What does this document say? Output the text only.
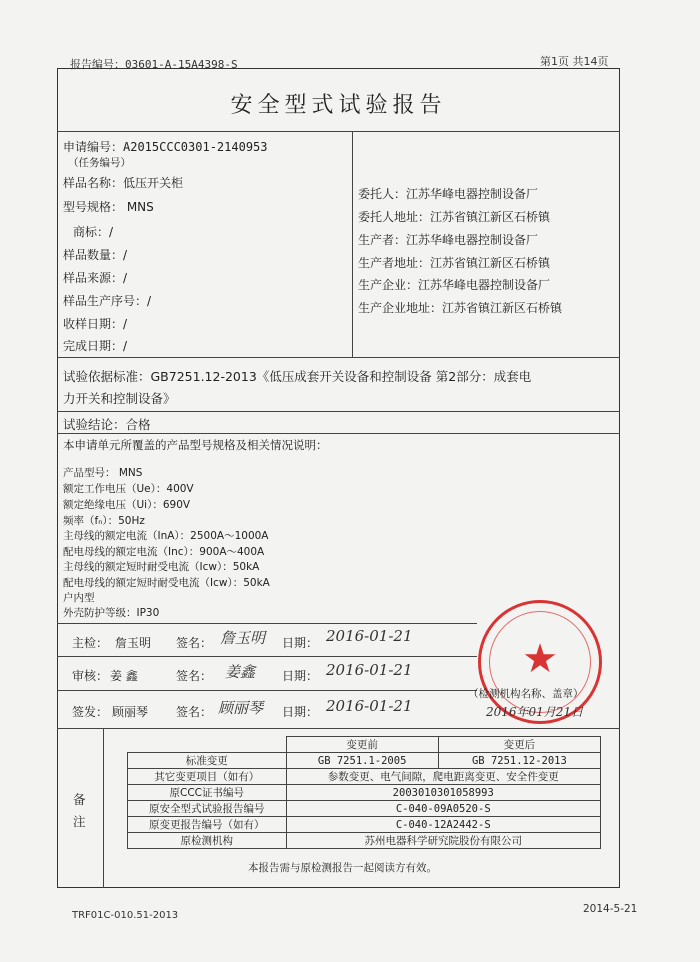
报告编号：03601-A-15A4398-S	第1页 共14页
安全型式试验报告
申请编号：A2015CCC0301-2140953
（任务编号）
样品名称：低压开关柜
型号规格： MNS
商标：/
样品数量：/
样品来源：/
样品生产序号：/
收样日期：/
完成日期：/
委托人：江苏华峰电器控制设备厂
委托人地址：江苏省镇江新区石桥镇
生产者：江苏华峰电器控制设备厂
生产者地址：江苏省镇江新区石桥镇
生产企业：江苏华峰电器控制设备厂
生产企业地址：江苏省镇江新区石桥镇
试验依据标准：GB7251.12-2013《低压成套开关设备和控制设备 第2部分：成套电
力开关和控制设备》
试验结论：合格
本申请单元所覆盖的产品型号规格及相关情况说明：
产品型号： MNS
额定工作电压（Ue）：400V
额定绝缘电压（Ui）：690V
频率（fₙ）：50Hz
主母线的额定电流（InA）：2500A～1000A
配电母线的额定电流（Inc）：900A～400A
主母线的额定短时耐受电流（Icw）：50kA
配电母线的额定短时耐受电流（Icw）：50kA
户内型
外壳防护等级：IP30
主检： 詹玉明 签名： 詹玉明 日期： 2016-01-21
审核： 姜 鑫	签名： 姜鑫 日期： 2016-01-21
签发： 顾丽琴 签名： 顾丽琴 日期： 2016-01-21
★
（检测机构名称、盖章）
2016年01月21日
备
注
	变更前	变更后
标准变更	GB 7251.1-2005	GB 7251.12-2013
其它变更项目（如有）	参数变更、电气间隙，爬电距离变更、安全件变更	
原CCC证书编号	2003010301058993	
原安全型式试验报告编号	C-040-09A0520-S	
原变更报告编号（如有）	C-040-12A2442-S	
原检测机构	苏州电器科学研究院股份有限公司	
本报告需与原检测报告一起阅读方有效。
TRF01C-010.51-2013
2014-5-21
